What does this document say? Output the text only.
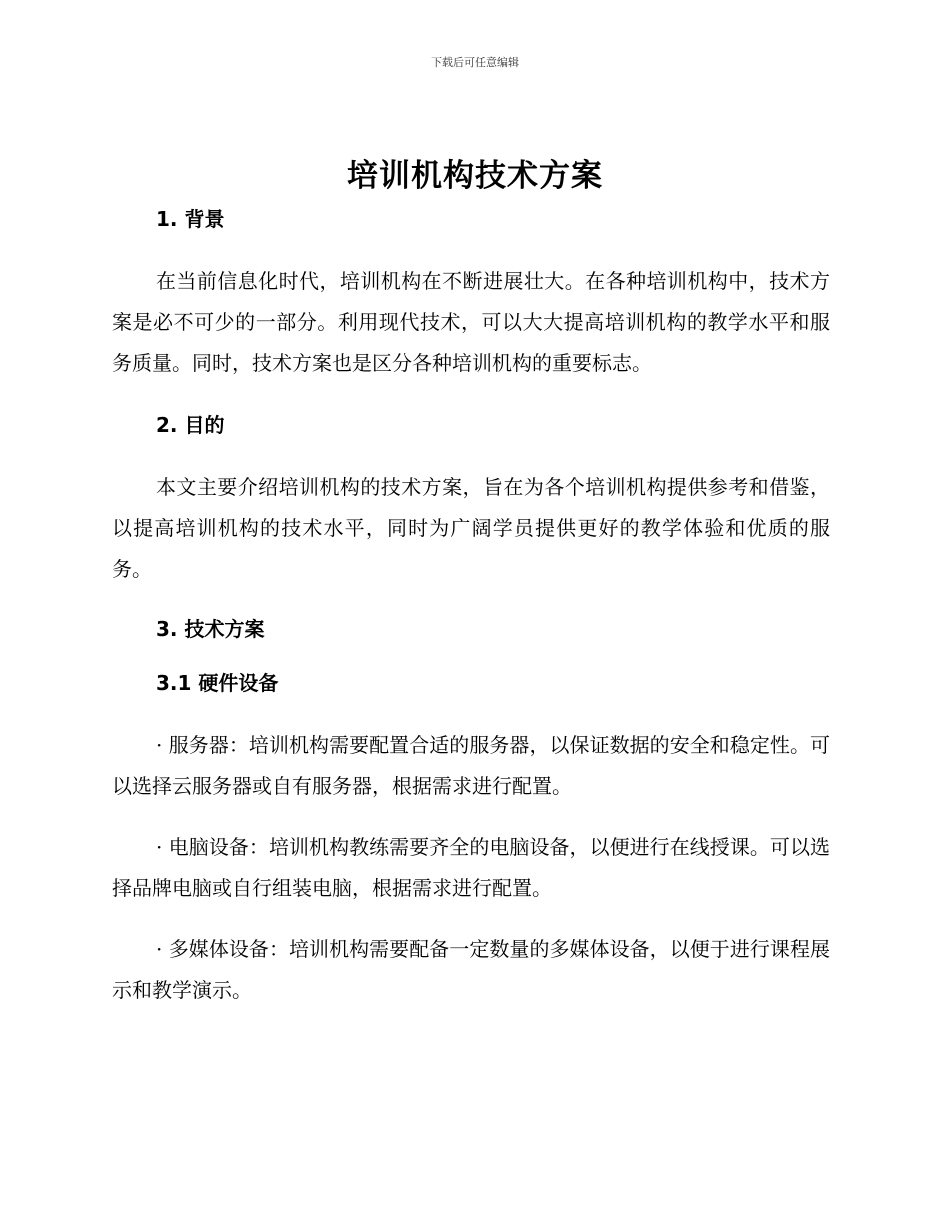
下载后可任意编辑
培训机构技术方案
1. 背景

在当前信息化时代，培训机构在不断进展壮大。在各种培训机构中，技术方案是必不可少的一部分。利用现代技术，可以大大提高培训机构的教学水平和服务质量。同时，技术方案也是区分各种培训机构的重要标志。

2. 目的

本文主要介绍培训机构的技术方案，旨在为各个培训机构提供参考和借鉴，以提高培训机构的技术水平，同时为广阔学员提供更好的教学体验和优质的服务。

3. 技术方案
3.1 硬件设备

· 服务器：培训机构需要配置合适的服务器，以保证数据的安全和稳定性。可以选择云服务器或自有服务器，根据需求进行配置。

· 电脑设备：培训机构教练需要齐全的电脑设备，以便进行在线授课。可以选择品牌电脑或自行组装电脑，根据需求进行配置。

· 多媒体设备：培训机构需要配备一定数量的多媒体设备，以便于进行课程展示和教学演示。
